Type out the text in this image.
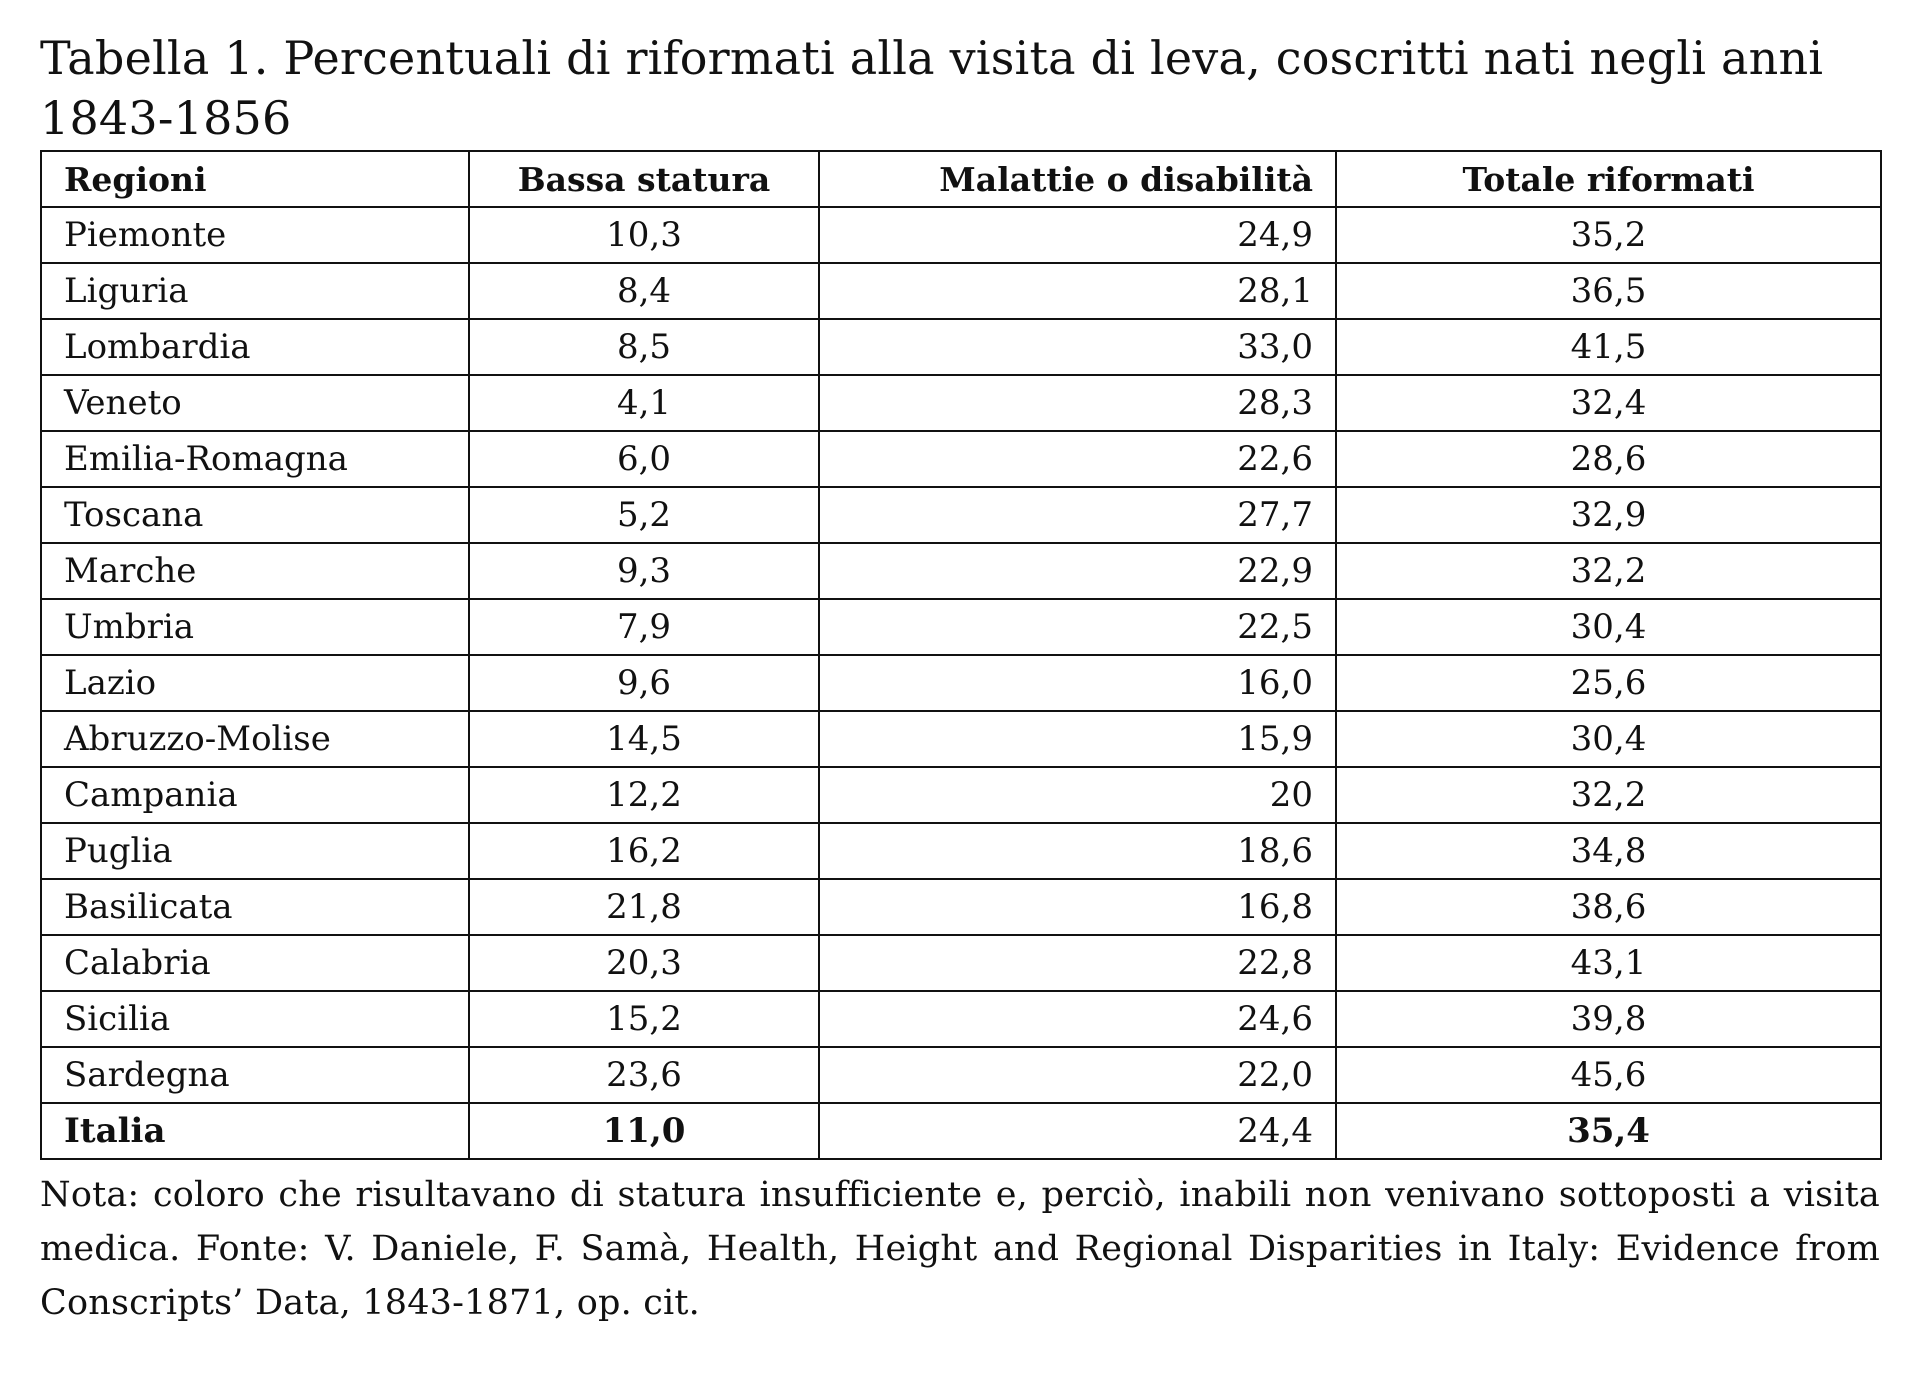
Tabella 1. Percentuali di riformati alla visita di leva, coscritti nati negli anni 1843-1856
Regioni	Bassa statura	Malattie o disabilità	Totale riformati
Piemonte	10,3	24,9	35,2
Liguria	8,4	28,1	36,5
Lombardia	8,5	33,0	41,5
Veneto	4,1	28,3	32,4
Emilia-Romagna	6,0	22,6	28,6
Toscana	5,2	27,7	32,9
Marche	9,3	22,9	32,2
Umbria	7,9	22,5	30,4
Lazio	9,6	16,0	25,6
Abruzzo-Molise	14,5	15,9	30,4
Campania	12,2	20	32,2
Puglia	16,2	18,6	34,8
Basilicata	21,8	16,8	38,6
Calabria	20,3	22,8	43,1
Sicilia	15,2	24,6	39,8
Sardegna	23,6	22,0	45,6
Italia	11,0	24,4	35,4
Nota: coloro che risultavano di statura insufficiente e, perciò, inabili non venivano sottoposti a visita medica. Fonte: V. Daniele, F. Samà, Health, Height and Regional Disparities in Italy: Evidence from Conscripts’ Data, 1843-1871, op. cit.
